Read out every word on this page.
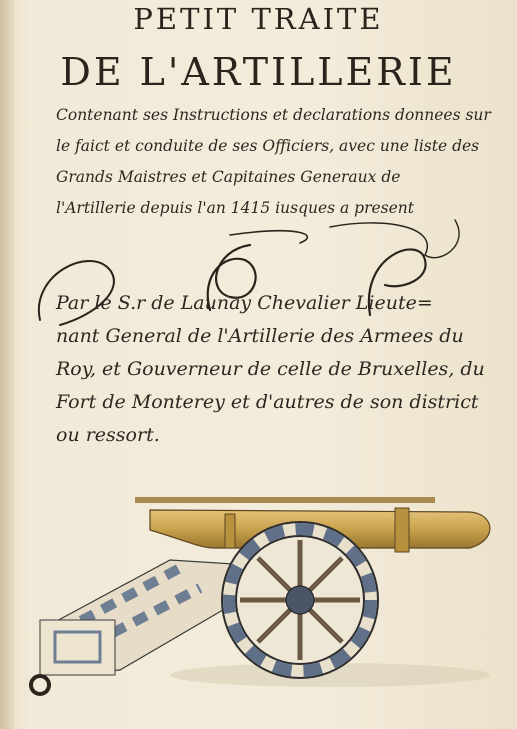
PETIT TRAITE
DE L'ARTILLERIE
Contenant ses Instructions et declarations donnees sur
le faict et conduite de ses Officiers, avec une liste des
Grands Maistres et Capitaines Generaux de
l'Artillerie depuis l'an 1415 iusques a present
Par le S.r de Launay Chevalier Lieute=
nant General de l'Artillerie des Armees du
Roy, et Gouverneur de celle de Bruxelles, du
Fort de Monterey et d'autres de son district
ou ressort.
